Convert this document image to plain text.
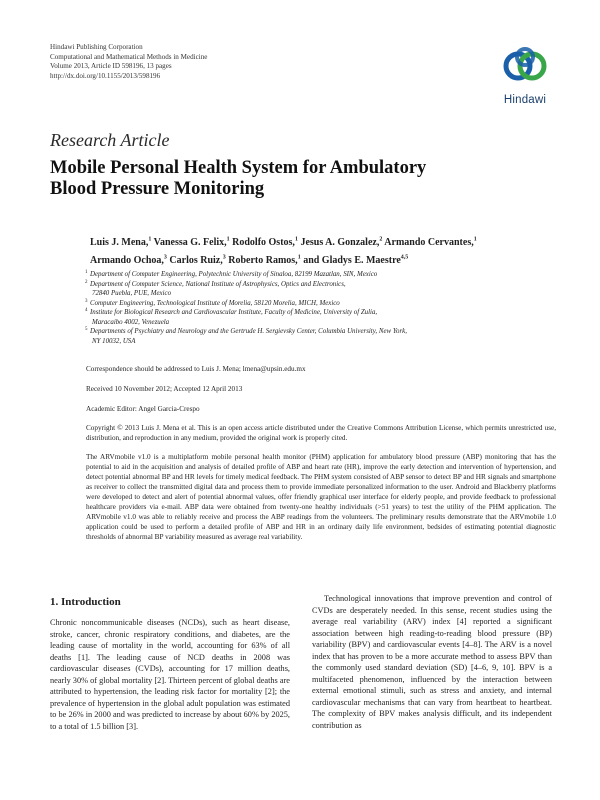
Hindawi Publishing Corporation
Computational and Mathematical Methods in Medicine
Volume 2013, Article ID 598196, 13 pages
http://dx.doi.org/10.1155/2013/598196
Hindawi
Research Article
Mobile Personal Health System for Ambulatory
Blood Pressure Monitoring
Luis J. Mena,$^1$ Vanessa G. Felix,$^1$ Rodolfo Ostos,$^1$ Jesus A. Gonzalez,$^2$ Armando Cervantes,$^1$
Armando Ochoa,$^3$ Carlos Ruiz,$^3$ Roberto Ramos,$^1$ and Gladys E. Maestre$^{4,5}$
1 Department of Computer Engineering, Polytechnic University of Sinaloa, 82199 Mazatlan, SIN, Mexico
2 Department of Computer Science, National Institute of Astrophysics, Optics and Electronics,
72840 Puebla, PUE, Mexico
3 Computer Engineering, Technological Institute of Morelia, 58120 Morelia, MICH, Mexico
4 Institute for Biological Research and Cardiovascular Institute, Faculty of Medicine, University of Zulia,
Maracaibo 4002, Venezuela
5 Departments of Psychiatry and Neurology and the Gertrude H. Sergievsky Center, Columbia University, New York,
NY 10032, USA
Correspondence should be addressed to Luis J. Mena; lmena@upsin.edu.mx
Received 10 November 2012; Accepted 12 April 2013
Academic Editor: Angel Garcia-Crespo
Copyright © 2013 Luis J. Mena et al. This is an open access article distributed under the Creative Commons Attribution License, which permits unrestricted use, distribution, and reproduction in any medium, provided the original work is properly cited.
The ARVmobile v1.0 is a multiplatform mobile personal health monitor (PHM) application for ambulatory blood pressure (ABP) monitoring that has the potential to aid in the acquisition and analysis of detailed profile of ABP and heart rate (HR), improve the early detection and intervention of hypertension, and detect potential abnormal BP and HR levels for timely medical feedback. The PHM system consisted of ABP sensor to detect BP and HR signals and smartphone as receiver to collect the transmitted digital data and process them to provide immediate personalized information to the user. Android and Blackberry platforms were developed to detect and alert of potential abnormal values, offer friendly graphical user interface for elderly people, and provide feedback to professional healthcare providers via e-mail. ABP data were obtained from twenty-one healthy individuals (>51 years) to test the utility of the PHM application. The ARVmobile v1.0 was able to reliably receive and process the ABP readings from the volunteers. The preliminary results demonstrate that the ARVmobile 1.0 application could be used to perform a detailed profile of ABP and HR in an ordinary daily life environment, bedsides of estimating potential diagnostic thresholds of abnormal BP variability measured as average real variability.
1. Introduction

Chronic noncommunicable diseases (NCDs), such as heart disease, stroke, cancer, chronic respiratory conditions, and diabetes, are the leading cause of mortality in the world, accounting for 63% of all deaths [1]. The leading cause of NCD deaths in 2008 was cardiovascular diseases (CVDs), accounting for 17 million deaths, nearly 30% of global mortality [2]. Thirteen percent of global deaths are attributed to hypertension, the leading risk factor for mortality [2]; the prevalence of hypertension in the global adult population was estimated to be 26% in 2000 and was predicted to increase by about 60% by 2025, to a total of 1.5 billion [3].

Technological innovations that improve prevention and control of CVDs are desperately needed. In this sense, recent studies using the average real variability (ARV) index [4] reported a significant association between high reading-to-reading blood pressure (BP) variability (BPV) and cardiovascular events [4–8]. The ARV is a novel index that has proven to be a more accurate method to assess BPV than the commonly used standard deviation (SD) [4–6, 9, 10]. BPV is a multifaceted phenomenon, influenced by the interaction between external emotional stimuli, such as stress and anxiety, and internal cardiovascular mechanisms that can vary from heartbeat to heartbeat. The complexity of BPV makes analysis difficult, and its independent contribution as
